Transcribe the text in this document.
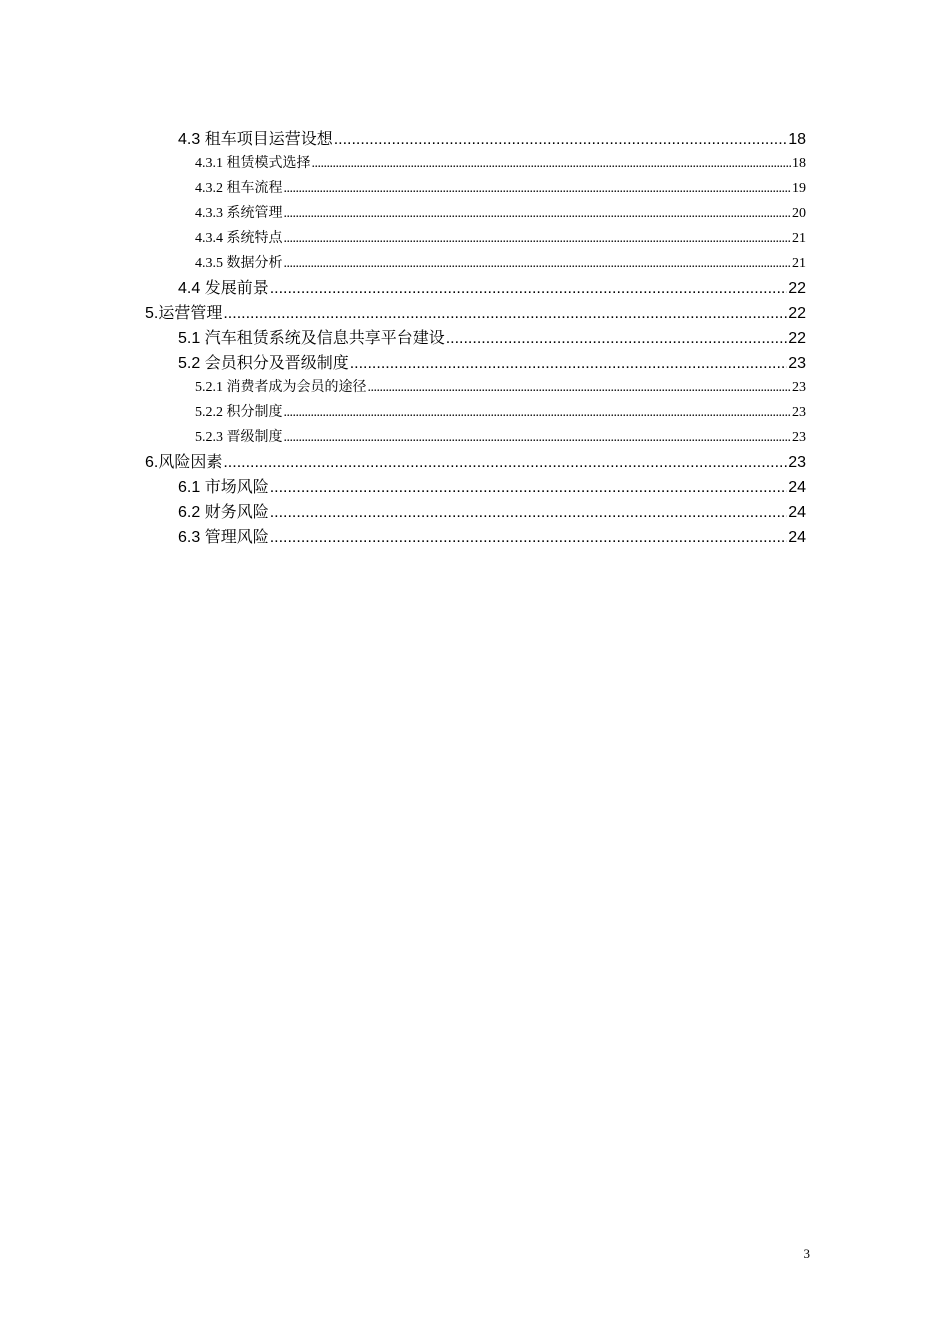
4.3 租车项目运营设想 .....	18
4.3.1 租赁模式选择 .....	18
4.3.2 租车流程 .....	19
4.3.3 系统管理 .....	20
4.3.4 系统特点 .....	21
4.3.5 数据分析 .....	21
4.4 发展前景 .....	22
5.运营管理 .....	22
5.1 汽车租赁系统及信息共享平台建设 .....	22
5.2 会员积分及晋级制度 .....	23
5.2.1 消费者成为会员的途径 .....	23
5.2.2 积分制度 .....	23
5.2.3 晋级制度 .....	23
6.风险因素 .....	23
6.1 市场风险 .....	24
6.2 财务风险 .....	24
6.3 管理风险 .....	24
3
